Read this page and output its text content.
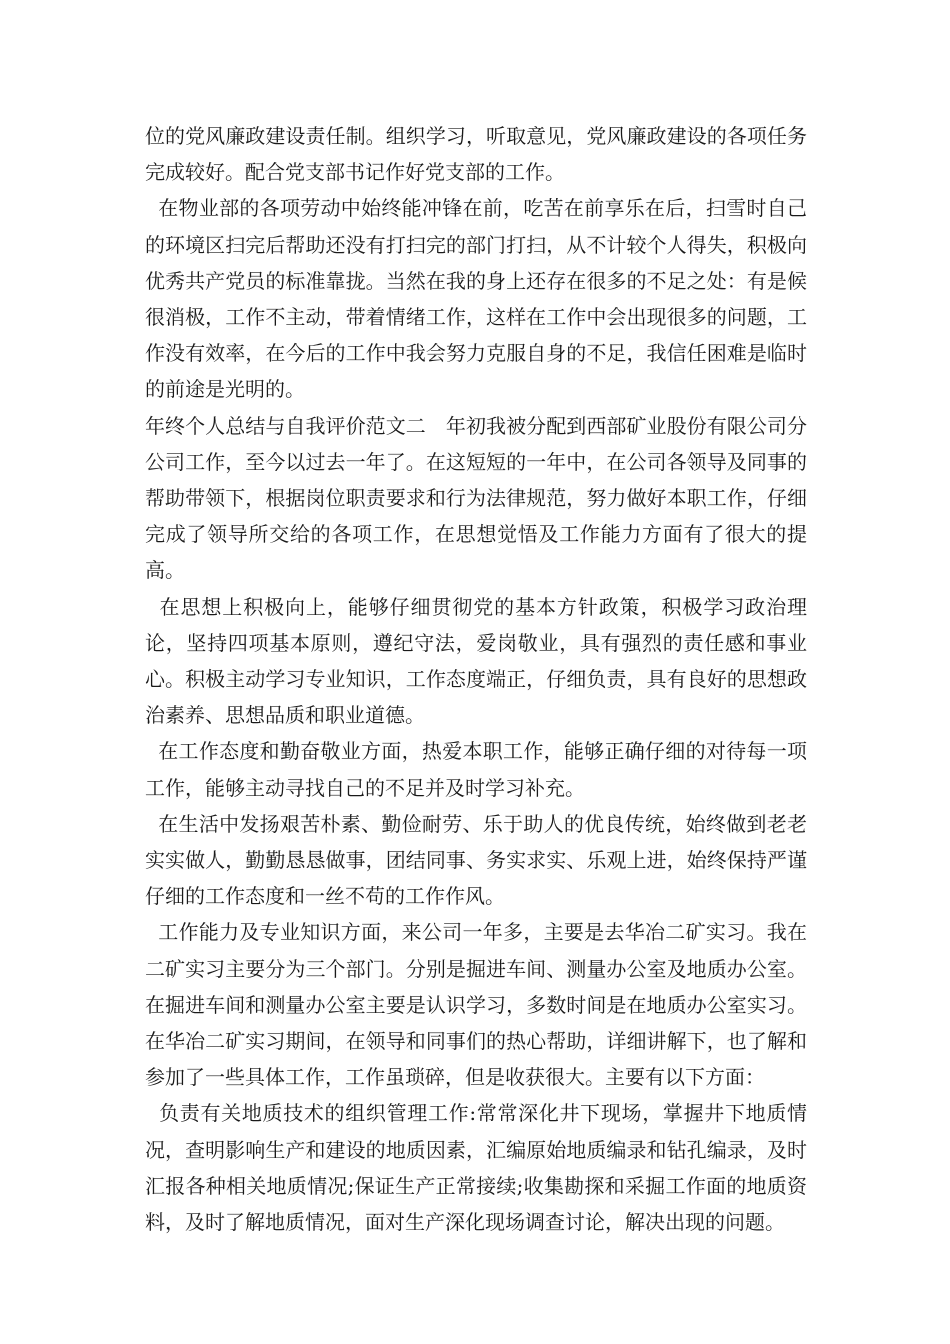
位的党风廉政建设责任制。组织学习，听取意见，党风廉政建设的各项任务完成较好。配合党支部书记作好党支部的工作。

在物业部的各项劳动中始终能冲锋在前，吃苦在前享乐在后，扫雪时自己的环境区扫完后帮助还没有打扫完的部门打扫，从不计较个人得失，积极向优秀共产党员的标准靠拢。当然在我的身上还存在很多的不足之处：有是候很消极，工作不主动，带着情绪工作，这样在工作中会出现很多的问题，工作没有效率，在今后的工作中我会努力克服自身的不足，我信任困难是临时的前途是光明的。

年终个人总结与自我评价范文二　年初我被分配到西部矿业股份有限公司分公司工作，至今以过去一年了。在这短短的一年中，在公司各领导及同事的帮助带领下，根据岗位职责要求和行为法律规范，努力做好本职工作，仔细完成了领导所交给的各项工作，在思想觉悟及工作能力方面有了很大的提高。

在思想上积极向上，能够仔细贯彻党的基本方针政策，积极学习政治理论，坚持四项基本原则，遵纪守法，爱岗敬业，具有强烈的责任感和事业心。积极主动学习专业知识，工作态度端正，仔细负责，具有良好的思想政治素养、思想品质和职业道德。

在工作态度和勤奋敬业方面，热爱本职工作，能够正确仔细的对待每一项工作，能够主动寻找自己的不足并及时学习补充。

在生活中发扬艰苦朴素、勤俭耐劳、乐于助人的优良传统，始终做到老老实实做人，勤勤恳恳做事，团结同事、务实求实、乐观上进，始终保持严谨仔细的工作态度和一丝不苟的工作作风。

工作能力及专业知识方面，来公司一年多，主要是去华冶二矿实习。我在二矿实习主要分为三个部门。分别是掘进车间、测量办公室及地质办公室。在掘进车间和测量办公室主要是认识学习，多数时间是在地质办公室实习。在华冶二矿实习期间，在领导和同事们的热心帮助，详细讲解下，也了解和参加了一些具体工作，工作虽琐碎，但是收获很大。主要有以下方面：

负责有关地质技术的组织管理工作:常常深化井下现场，掌握井下地质情况，查明影响生产和建设的地质因素，汇编原始地质编录和钻孔编录，及时汇报各种相关地质情况;保证生产正常接续;收集勘探和采掘工作面的地质资料，及时了解地质情况，面对生产深化现场调查讨论，解决出现的问题。
